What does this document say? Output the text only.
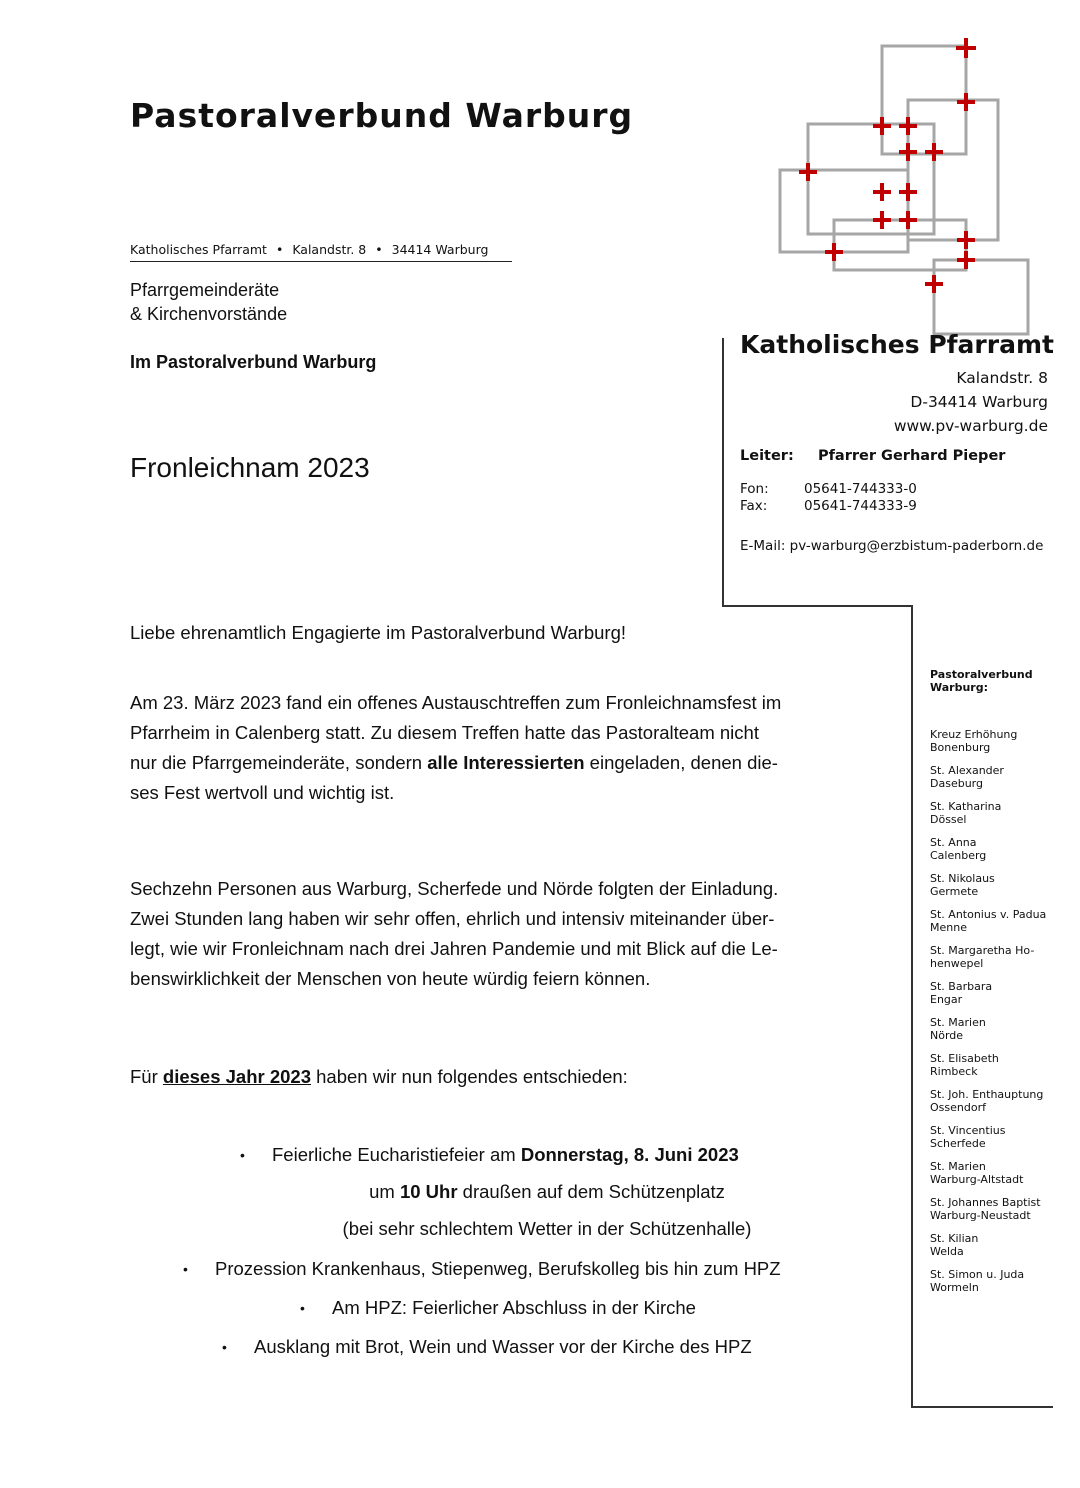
Pastoralverbund Warburg
Katholisches Pfarramt • Kalandstr. 8 • 34414 Warburg
Pfarrgemeinderäte
& Kirchenvorstände
Im Pastoralverbund Warburg
Fronleichnam 2023
Katholisches Pfarramt
Kalandstr. 8
D-34414 Warburg
www.pv-warburg.de
Leiter: Pfarrer Gerhard Pieper
Fon:	05641-744333-0
Fax:	05641-744333-9
E-Mail: pv-warburg@erzbistum-paderborn.de
Pastoralverbund
Warburg:
Kreuz Erhöhung
Bonenburg
St. Alexander
Daseburg
St. Katharina
Dössel
St. Anna
Calenberg
St. Nikolaus
Germete
St. Antonius v. Padua
Menne
St. Margaretha Ho-
henwepel
St. Barbara
Engar
St. Marien
Nörde
St. Elisabeth
Rimbeck
St. Joh. Enthauptung
Ossendorf
St. Vincentius
Scherfede
St. Marien
Warburg-Altstadt
St. Johannes Baptist
Warburg-Neustadt
St. Kilian
Welda
St. Simon u. Juda
Wormeln
Liebe ehrenamtlich Engagierte im Pastoralverbund Warburg!
Am 23. März 2023 fand ein offenes Austauschtreffen zum Fronleichnamsfest im
Pfarrheim in Calenberg statt. Zu diesem Treffen hatte das Pastoralteam nicht
nur die Pfarrgemeinderäte, sondern alle Interessierten eingeladen, denen die-
ses Fest wertvoll und wichtig ist.
Sechzehn Personen aus Warburg, Scherfede und Nörde folgten der Einladung.
Zwei Stunden lang haben wir sehr offen, ehrlich und intensiv miteinander über-
legt, wie wir Fronleichnam nach drei Jahren Pandemie und mit Blick auf die Le-
benswirklichkeit der Menschen von heute würdig feiern können.
Für dieses Jahr 2023 haben wir nun folgendes entschieden:
• Feierliche Eucharistiefeier am Donnerstag, 8. Juni 2023
um 10 Uhr draußen auf dem Schützenplatz
(bei sehr schlechtem Wetter in der Schützenhalle)
• Prozession Krankenhaus, Stiepenweg, Berufskolleg bis hin zum HPZ
• Am HPZ: Feierlicher Abschluss in der Kirche
• Ausklang mit Brot, Wein und Wasser vor der Kirche des HPZ
